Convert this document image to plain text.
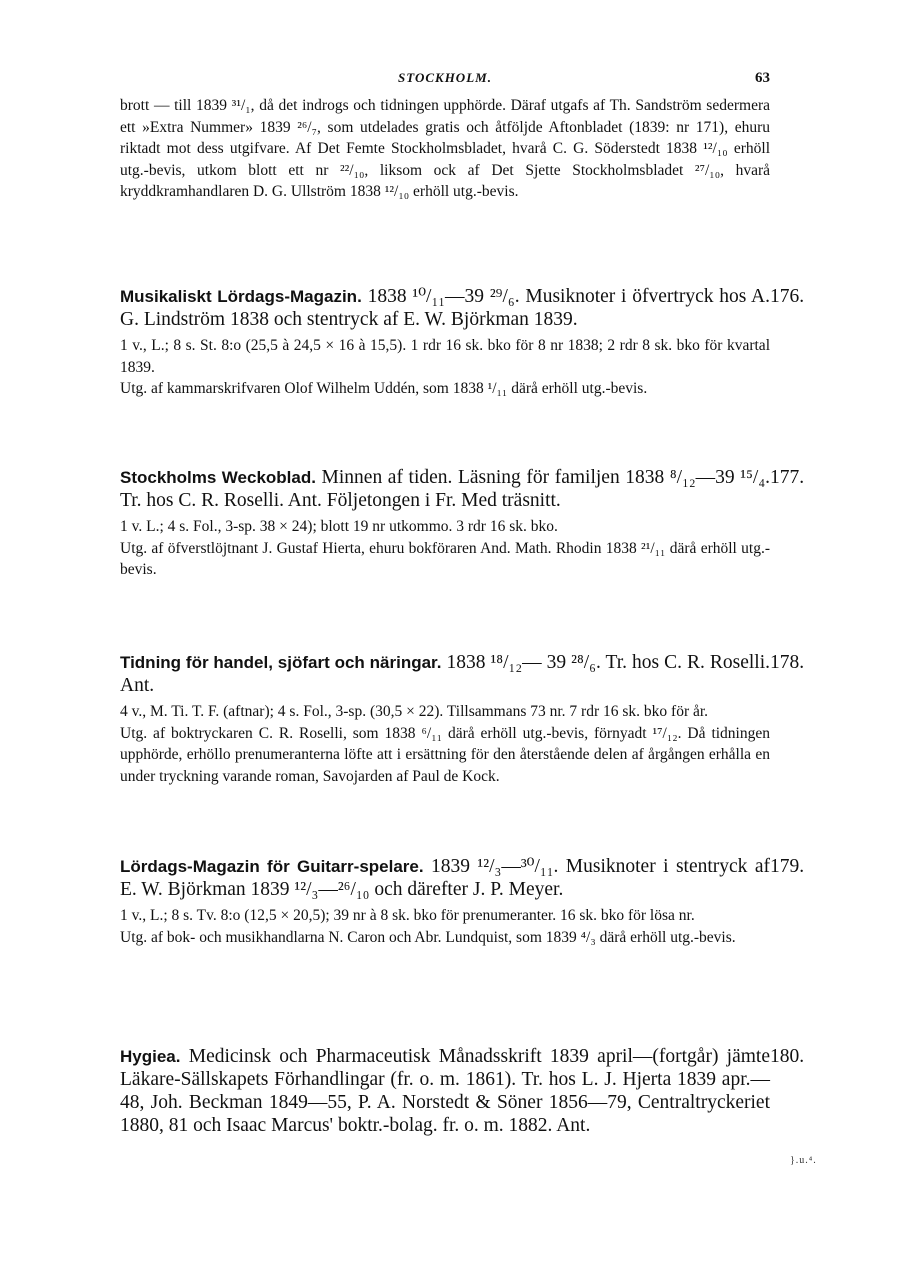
STOCKHOLM.	63

brott — till 1839 ³¹/₁, då det indrogs och tidningen upphörde. Däraf utgafs af Th. Sandström sedermera ett »Extra Nummer» 1839 ²⁶/₇, som utdelades gratis och åtföljde Aftonbladet (1839: nr 171), ehuru riktadt mot dess utgifvare. Af Det Femte Stockholmsbladet, hvarå C. G. Söderstedt 1838 ¹²/₁₀ erhöll utg.-bevis, utkom blott ett nr ²²/₁₀, liksom ock af Det Sjette Stockholmsbladet ²⁷/₁₀, hvarå kryddkramhandlaren D. G. Ullström 1838 ¹²/₁₀ erhöll utg.-bevis.

176.

Musikaliskt Lördags-Magazin. 1838 ¹⁰/₁₁—39 ²⁹/₆. Musiknoter i öfvertryck hos A. G. Lindström 1838 och stentryck af E. W. Björkman 1839.

1 v., L.; 8 s. St. 8:o (25,5 à 24,5 × 16 à 15,5). 1 rdr 16 sk. bko för 8 nr 1838; 2 rdr 8 sk. bko för kvartal 1839.

Utg. af kammarskrifvaren Olof Wilhelm Uddén, som 1838 ¹/₁₁ därå erhöll utg.-bevis.

177.

Stockholms Weckoblad. Minnen af tiden. Läsning för familjen 1838 ⁸/₁₂—39 ¹⁵/₄. Tr. hos C. R. Roselli. Ant. Följetongen i Fr. Med träsnitt.

1 v. L.; 4 s. Fol., 3-sp. 38 × 24); blott 19 nr utkommo. 3 rdr 16 sk. bko.

Utg. af öfverstlöjtnant J. Gustaf Hierta, ehuru bokföraren And. Math. Rhodin 1838 ²¹/₁₁ därå erhöll utg.-bevis.

178.

Tidning för handel, sjöfart och näringar. 1838 ¹⁸/₁₂— 39 ²⁸/₆. Tr. hos C. R. Roselli. Ant.

4 v., M. Ti. T. F. (aftnar); 4 s. Fol., 3-sp. (30,5 × 22). Tillsammans 73 nr. 7 rdr 16 sk. bko för år.

Utg. af boktryckaren C. R. Roselli, som 1838 ⁶/₁₁ därå erhöll utg.-bevis, förnyadt ¹⁷/₁₂. Då tidningen upphörde, erhöllo prenumeranterna löfte att i ersättning för den återstående delen af årgången erhålla en under tryckning varande roman, Savojarden af Paul de Kock.

179.

Lördags-Magazin för Guitarr-spelare. 1839 ¹²/₃—³⁰/₁₁. Musiknoter i stentryck af E. W. Björkman 1839 ¹²/₃—²⁶/₁₀ och därefter J. P. Meyer.

1 v., L.; 8 s. Tv. 8:o (12,5 × 20,5); 39 nr à 8 sk. bko för prenumeranter. 16 sk. bko för lösa nr.

Utg. af bok- och musikhandlarna N. Caron och Abr. Lundquist, som 1839 ⁴/₃ därå erhöll utg.-bevis.

180.

Hygiea. Medicinsk och Pharmaceutisk Månadsskrift 1839 april—(fortgår) jämte Läkare-Sällskapets Förhandlingar (fr. o. m. 1861). Tr. hos L. J. Hjerta 1839 apr.—48, Joh. Beckman 1849—55, P. A. Norstedt & Söner 1856—79, Centraltryckeriet 1880, 81 och Isaac Marcus' boktr.-bolag. fr. o. m. 1882. Ant.

}.u.⁴.
